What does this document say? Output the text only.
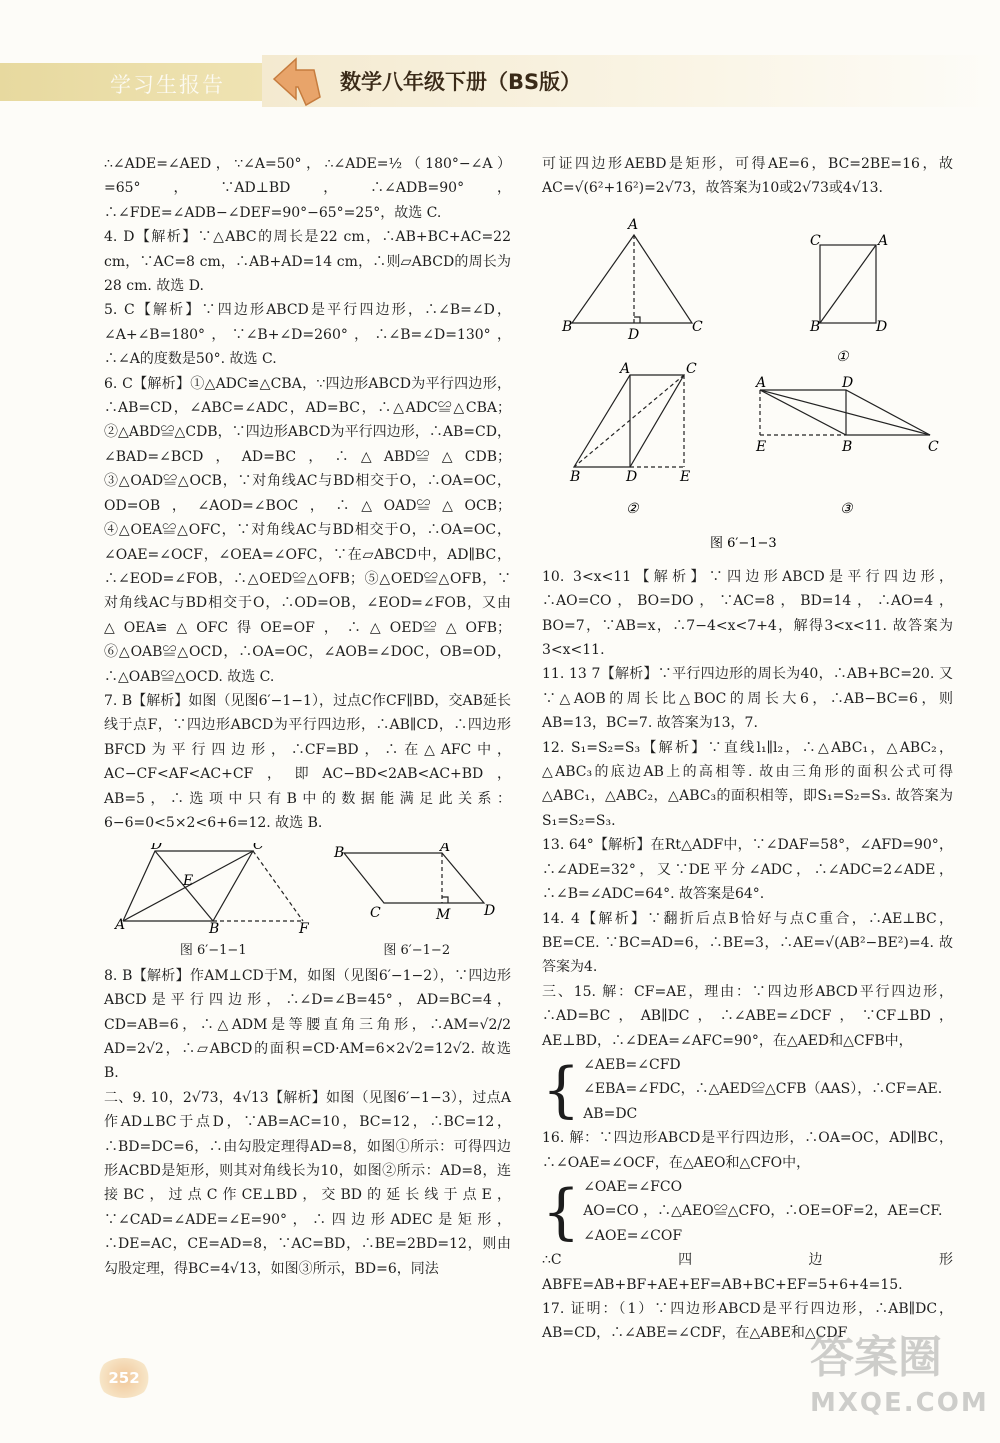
学习生报告	数学八年级下册（BS版）

∴∠ADE=∠AED，∵∠A=50°，∴∠ADE=½（180°−∠A）=65°，∵AD⊥BD，∴∠ADB=90°，∴∠FDE=∠ADB−∠DEF=90°−65°=25°，故选 C.

4. D【解析】∵△ABC的周长是22 cm，∴AB+BC+AC=22 cm，∵AC=8 cm，∴AB+AD=14 cm，∴则▱ABCD的周长为28 cm. 故选 D.

5. C【解析】∵四边形ABCD是平行四边形，∴∠B=∠D，∠A+∠B=180°，∵∠B+∠D=260°，∴∠B=∠D=130°，∴∠A的度数是50°. 故选 C.

6. C【解析】①△ADC≌△CBA，∵四边形ABCD为平行四边形，∴AB=CD，∠ABC=∠ADC，AD=BC，∴△ADC≌△CBA；②△ABD≌△CDB，∵四边形ABCD为平行四边形，∴AB=CD，∠BAD=∠BCD，AD=BC，∴△ABD≌△CDB；③△OAD≌△OCB，∵对角线AC与BD相交于O，∴OA=OC，OD=OB，∠AOD=∠BOC，∴△OAD≌△OCB；④△OEA≌△OFC，∵对角线AC与BD相交于O，∴OA=OC，∠OAE=∠OCF，∠OEA=∠OFC，∵在▱ABCD中，AD∥BC，∴∠EOD=∠FOB，∴△OED≌△OFB；⑤△OED≌△OFB，∵对角线AC与BD相交于O，∴OD=OB，∠EOD=∠FOB，又由△OEA≌△OFC得OE=OF，∴△OED≌△OFB；⑥△OAB≌△OCD，∴OA=OC，∠AOB=∠DOC，OB=OD，∴△OAB≌△OCD. 故选 C.

7. B【解析】如图（见图6′−1−1），过点C作CF∥BD，交AB延长线于点F，∵四边形ABCD为平行四边形，∴AB∥CD，∴四边形BFCD为平行四边形，∴CF=BD，∴在△AFC中，AC−CF<AF<AC+CF，即AC−BD<2AB<AC+BD，AB=5，∴选项中只有B中的数据能满足此关系：6−6=0<5×2<6+6=12. 故选 B.

A
D	C
B	F
E
图 6′−1−1
B	A
D
C	M
图 6′−1−2

8. B【解析】作AM⊥CD于M，如图（见图6′−1−2），∵四边形ABCD是平行四边形，∴∠D=∠B=45°，AD=BC=4，CD=AB=6，∴△ADM是等腰直角三角形，∴AM=√2/2 AD=2√2，∴▱ABCD的面积=CD·AM=6×2√2=12√2. 故选 B.

二、9. 10，2√73，4√13【解析】如图（见图6′−1−3），过点A作AD⊥BC于点D，∵AB=AC=10，BC=12，∴BC=12，∴BD=DC=6，∴由勾股定理得AD=8，如图①所示：可得四边形ACBD是矩形，则其对角线长为10，如图②所示：AD=8，连接BC，过点C作CE⊥BD，交BD的延长线于点E，∵∠CAD=∠ADE=∠E=90°，∴四边形ADEC是矩形，∴DE=AC，CE=AD=8，∵AC=BD，∴BE=2BD=12，则由勾股定理，得BC=4√13，如图③所示，BD=6，同法

可证四边形AEBD是矩形，可得AE=6，BC=2BE=16，故AC=√(6²+16²)=2√73，故答案为10或2√73或4√13.

A
B	D	C
C	A
B	D
①
A	C
B	D	E
②
A	D
E	B	C
③
图 6′−1−3

10. 3<x<11【解析】∵四边形ABCD是平行四边形，∴AO=CO，BO=DO，∵AC=8，BD=14，∴AO=4，BO=7，∵AB=x，∴7−4<x<7+4，解得3<x<11. 故答案为3<x<11.

11. 13 7【解析】∵平行四边形的周长为40，∴AB+BC=20. 又∵△AOB的周长比△BOC的周长大6，∴AB−BC=6，则AB=13，BC=7. 故答案为13，7.

12. S₁=S₂=S₃【解析】∵直线l₁∥l₂，∴△ABC₁，△ABC₂，△ABC₃的底边AB上的高相等. 故由三角形的面积公式可得△ABC₁，△ABC₂，△ABC₃的面积相等，即S₁=S₂=S₃. 故答案为S₁=S₂=S₃.

13. 64°【解析】在Rt△ADF中，∵∠DAF=58°，∠AFD=90°，∴∠ADE=32°，又∵DE平分∠ADC，∴∠ADC=2∠ADE，∴∠B=∠ADC=64°. 故答案是64°.

14. 4【解析】∵翻折后点B恰好与点C重合，∴AE⊥BC，BE=CE. ∵BC=AD=6，∴BE=3，∴AE=√(AB²−BE²)=4. 故答案为4.

三、15. 解：CF=AE，理由：∵四边形ABCD平行四边形，∴AD=BC，AB∥DC，∴∠ABE=∠DCF，∵CF⊥BD，AE⊥BD，∴∠DEA=∠AFC=90°，在△AED和△CFB中，

{ ∠AEB=∠CFD
∠EBA=∠FDC，∴△AED≌△CFB（AAS），∴CF=AE.
AB=DC

16. 解：∵四边形ABCD是平行四边形，∴OA=OC，AD∥BC，∴∠OAE=∠OCF，在△AEO和△CFO中，

{ ∠OAE=∠FCO
AO=CO ，∴△AEO≌△CFO，∴OE=OF=2，AE=CF.
∠AOE=∠COF

∴C四边形ABFE=AB+BF+AE+EF=AB+BC+EF=5+6+4=15.

17. 证明：（1）∵四边形ABCD是平行四边形，∴AB∥DC，AB=CD，∴∠ABE=∠CDF，在△ABE和△CDF

252	答案圈
MXQE.COM
